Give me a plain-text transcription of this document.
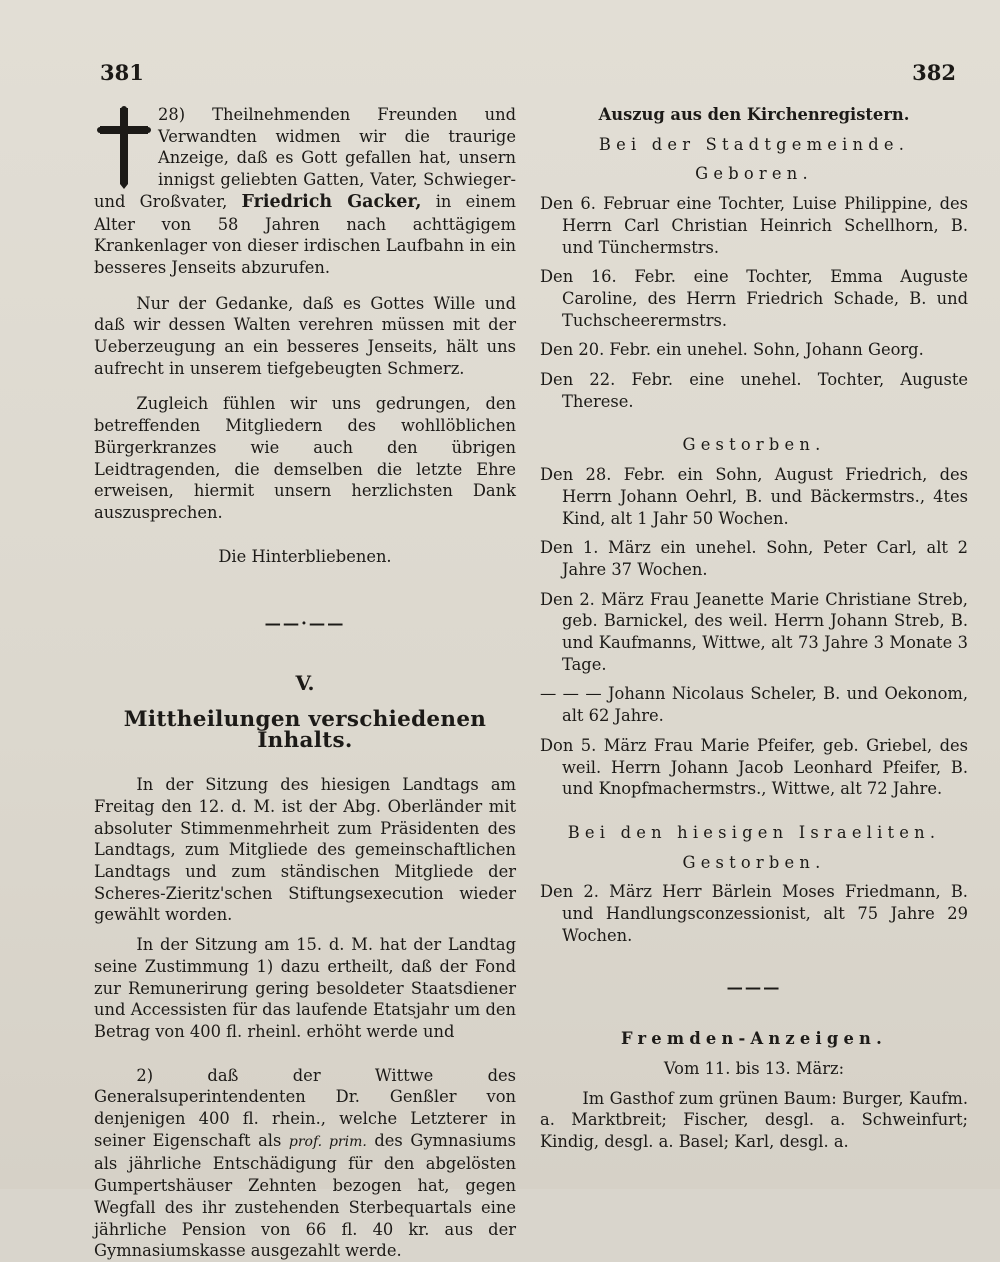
381	382

28) Theilnehmenden Freunden und Verwandten widmen wir die traurige Anzeige, daß es Gott gefallen hat, unsern innigst geliebten Gatten, Vater, Schwieger- und Großvater, Friedrich Gacker, in einem Alter von 58 Jahren nach achttägigem Krankenlager von dieser irdischen Laufbahn in ein besseres Jenseits abzurufen.

Nur der Gedanke, daß es Gottes Wille und daß wir dessen Walten verehren müssen mit der Ueberzeugung an ein besseres Jenseits, hält uns aufrecht in unserem tiefgebeugten Schmerz.

Zugleich fühlen wir uns gedrungen, den betreffenden Mitgliedern des wohllöblichen Bürgerkranzes wie auch den übrigen Leidtragenden, die demselben die letzte Ehre erweisen, hiermit unsern herzlichsten Dank auszusprechen.

Die Hinterbliebenen.

——·——

V.

Mittheilungen verschiedenen Inhalts.

In der Sitzung des hiesigen Landtags am Freitag den 12. d. M. ist der Abg. Oberländer mit absoluter Stimmenmehrheit zum Präsidenten des Landtags, zum Mitgliede des gemeinschaftlichen Landtags und zum ständischen Mitgliede der Scheres-Zieritz'schen Stiftungsexecution wieder gewählt worden.

In der Sitzung am 15. d. M. hat der Landtag seine Zustimmung 1) dazu ertheilt, daß der Fond zur Remunerirung gering besoldeter Staatsdiener und Accessisten für das laufende Etatsjahr um den Betrag von 400 fl. rheinl. erhöht werde und

2) daß der Wittwe des Generalsuperintendenten Dr. Genßler von denjenigen 400 fl. rhein., welche Letzterer in seiner Eigenschaft als prof. prim. des Gymnasiums als jährliche Entschädigung für den abgelösten Gumpertshäuser Zehnten bezogen hat, gegen Wegfall des ihr zustehenden Sterbequartals eine jährliche Pension von 66 fl. 40 kr. aus der Gymnasiumskasse ausgezahlt werde.

Auszug aus den Kirchenregistern.

Bei der Stadtgemeinde.

Geboren.

Den 6. Februar eine Tochter, Luise Philippine, des Herrn Carl Christian Heinrich Schellhorn, B. und Tünchermstrs.

Den 16. Febr. eine Tochter, Emma Auguste Caroline, des Herrn Friedrich Schade, B. und Tuchscheerermstrs.

Den 20. Febr. ein unehel. Sohn, Johann Georg.

Den 22. Febr. eine unehel. Tochter, Auguste Therese.

Gestorben.

Den 28. Febr. ein Sohn, August Friedrich, des Herrn Johann Oehrl, B. und Bäckermstrs., 4tes Kind, alt 1 Jahr 50 Wochen.

Den 1. März ein unehel. Sohn, Peter Carl, alt 2 Jahre 37 Wochen.

Den 2. März Frau Jeanette Marie Christiane Streb, geb. Barnickel, des weil. Herrn Johann Streb, B. und Kaufmanns, Wittwe, alt 73 Jahre 3 Monate 3 Tage.

— — — Johann Nicolaus Scheler, B. und Oekonom, alt 62 Jahre.

Don 5. März Frau Marie Pfeifer, geb. Griebel, des weil. Herrn Johann Jacob Leonhard Pfeifer, B. und Knopfmachermstrs., Wittwe, alt 72 Jahre.

Bei den hiesigen Israeliten.

Gestorben.

Den 2. März Herr Bärlein Moses Friedmann, B. und Handlungsconzessionist, alt 75 Jahre 29 Wochen.

———

Fremden-Anzeigen.

Vom 11. bis 13. März:

Im Gasthof zum grünen Baum: Burger, Kaufm. a. Marktbreit; Fischer, desgl. a. Schweinfurt; Kindig, desgl. a. Basel; Karl, desgl. a.
